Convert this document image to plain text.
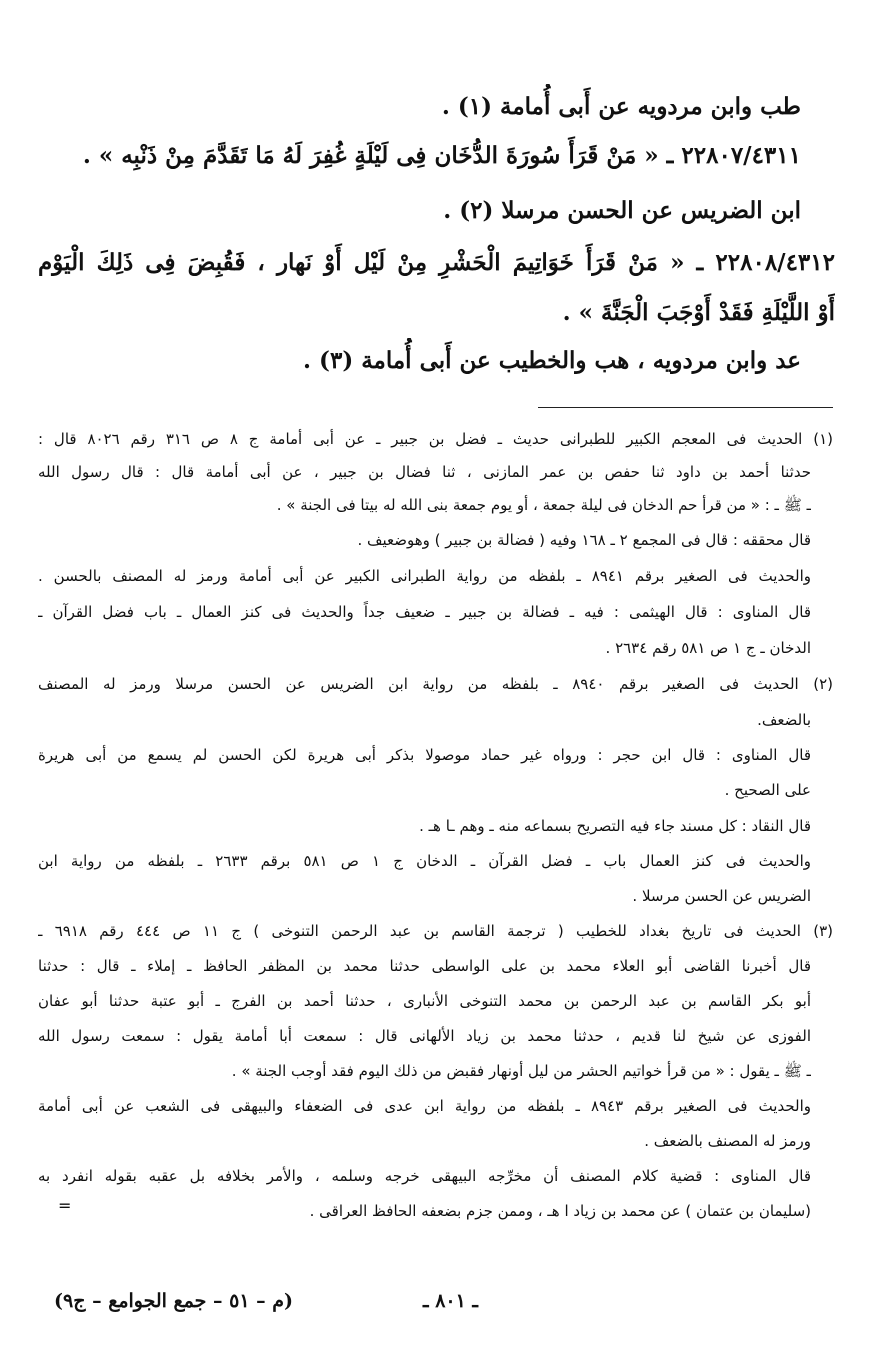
طب وابن مردويه عن أَبى أُمامة (١) .
٢٢٨٠٧/٤٣١١ ـ « مَنْ قَرَأَ سُورَةَ الدُّخَان فِى لَيْلَةٍ غُفِرَ لَهُ مَا تَقَدَّمَ مِنْ ذَنْبِه » .
ابن الضريس عن الحسن مرسلا (٢) .
٢٢٨٠٨/٤٣١٢ ـ « مَنْ قَرَأَ خَوَاتِيمَ الْحَشْرِ مِنْ لَيْل أَوْ نَهار ، فَقُبِضَ فِى ذَلِكَ الْيَوْم
أَوْ اللَّيْلَةِ فَقَدْ أَوْجَبَ الْجَنَّةَ » .
عد وابن مردويه ، هب والخطيب عن أَبى أُمامة (٣) .
(١) الحديث فى المعجم الكبير للطبرانى حديث ـ فضل بن جبير ـ عن أبى أمامة ج ٨ ص ٣١٦ رقم ٨٠٢٦ قال :
حدثنا أحمد بن داود ثنا حفص بن عمر المازنى ، ثنا فضال بن جبير ، عن أبى أمامة قال : قال رسول الله
ـ ﷺ ـ : « من قرأ حم الدخان فى ليلة جمعة ، أو يوم جمعة بنى الله له بيتا فى الجنة » .
قال محققه : قال فى المجمع ٢ ـ ١٦٨ وفيه ( فضالة بن جبير ) وهوضعيف .
والحديث فى الصغير برقم ٨٩٤١ ـ بلفظه من رواية الطبرانى الكبير عن أبى أمامة ورمز له المصنف بالحسن .
قال المناوى : قال الهيثمى : فيه ـ فضالة بن جبير ـ ضعيف جداً والحديث فى كنز العمال ـ باب فضل القرآن ـ
الدخان ـ ج ١ ص ٥٨١ رقم ٢٦٣٤ .
(٢) الحديث فى الصغير برقم ٨٩٤٠ ـ بلفظه من رواية ابن الضريس عن الحسن مرسلا ورمز له المصنف
بالضعف.
قال المناوى : قال ابن حجر : ورواه غير حماد موصولا بذكر أبى هريرة لكن الحسن لم يسمع من أبى هريرة
على الصحيح .
قال النقاد : كل مسند جاء فيه التصريح بسماعه منه ـ وهم ـا هـ .
والحديث فى كنز العمال باب ـ فضل القرآن ـ الدخان ج ١ ص ٥٨١ برقم ٢٦٣٣ ـ بلفظه من رواية ابن
الضريس عن الحسن مرسلا .
(٣) الحديث فى تاريخ بغداد للخطيب ( ترجمة القاسم بن عبد الرحمن التنوخى ) ج ١١ ص ٤٤٤ رقم ٦٩١٨ ـ
قال أخبرنا القاضى أبو العلاء محمد بن على الواسطى حدثنا محمد بن المظفر الحافظ ـ إملاء ـ قال : حدثنا
أبو بكر القاسم بن عبد الرحمن بن محمد التنوخى الأنبارى ، حدثنا أحمد بن الفرج ـ أبو عتبة حدثنا أبو عفان
الفوزى عن شيخ لنا قديم ، حدثنا محمد بن زياد الألهانى قال : سمعت أبا أمامة يقول : سمعت رسول الله
ـ ﷺ ـ يقول : « من قرأ خواتيم الحشر من ليل أونهار فقبض من ذلك اليوم فقد أوجب الجنة » .
والحديث فى الصغير برقم ٨٩٤٣ ـ بلفظه من رواية ابن عدى فى الضعفاء والبيهقى فى الشعب عن أبى أمامة
ورمز له المصنف بالضعف .
قال المناوى : قضية كلام المصنف أن مخرِّجه البيهقى خرجه وسلمه ، والأمر بخلافه بل عقبه بقوله انفرد به
(سليمان بن عتمان ) عن محمد بن زياد ا هـ ، وممن جزم بضعفه الحافظ العراقى .
=
ـ ٨٠١ ـ
(م – ٥١ – جمع الجوامع – ج٩)
